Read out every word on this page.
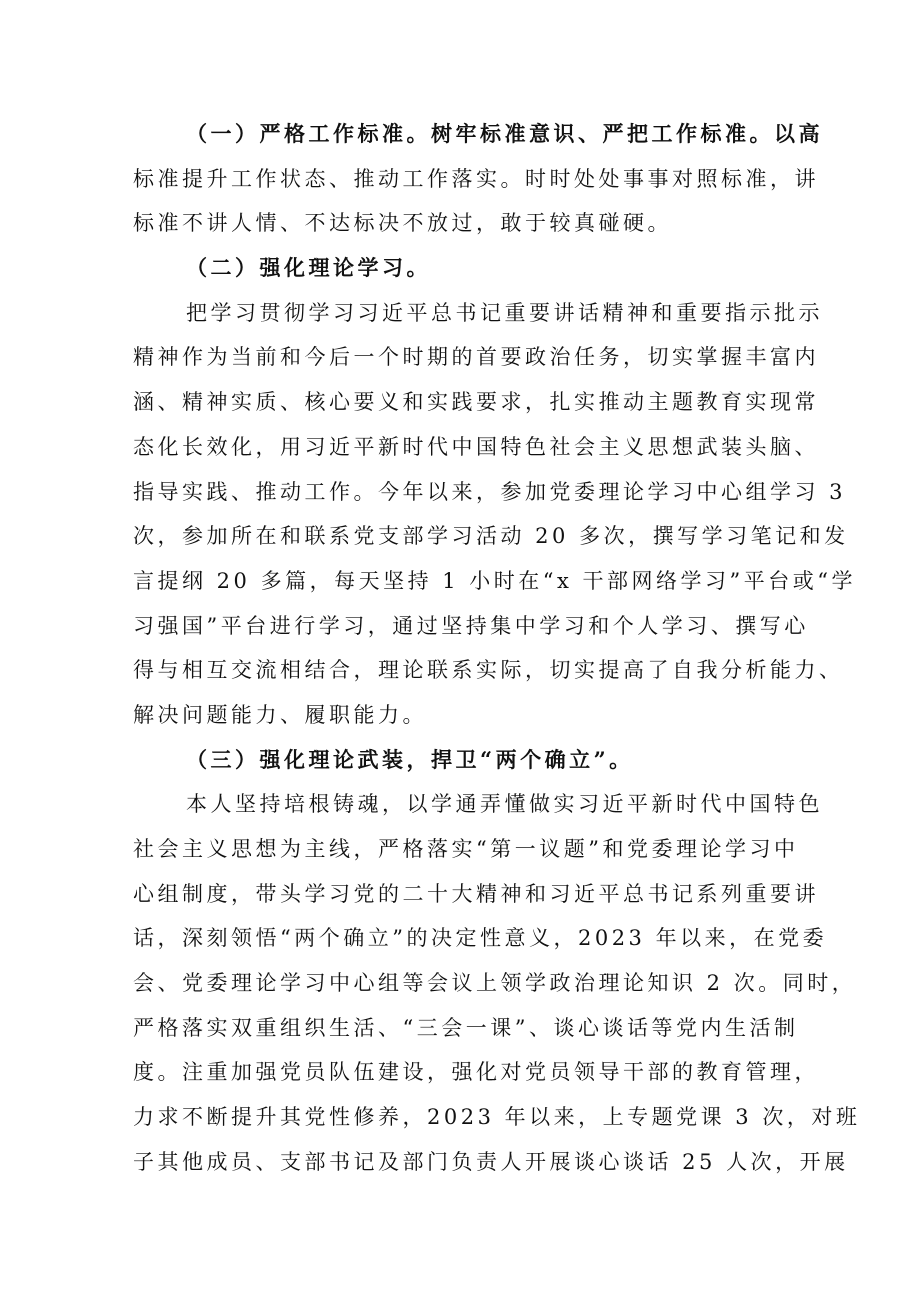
（一）严格工作标准。树牢标准意识、严把工作标准。以高
标准提升工作状态、推动工作落实。时时处处事事对照标准，讲
标准不讲人情、不达标决不放过，敢于较真碰硬。
（二）强化理论学习。
把学习贯彻学习习近平总书记重要讲话精神和重要指示批示
精神作为当前和今后一个时期的首要政治任务，切实掌握丰富内
涵、精神实质、核心要义和实践要求，扎实推动主题教育实现常
态化长效化，用习近平新时代中国特色社会主义思想武装头脑、
指导实践、推动工作。今年以来，参加党委理论学习中心组学习 3
次，参加所在和联系党支部学习活动 20 多次，撰写学习笔记和发
言提纲 20 多篇，每天坚持 1 小时在“x 干部网络学习”平台或“学
习强国”平台进行学习，通过坚持集中学习和个人学习、撰写心
得与相互交流相结合，理论联系实际，切实提高了自我分析能力、
解决问题能力、履职能力。
（三）强化理论武装，捍卫“两个确立”。
本人坚持培根铸魂，以学通弄懂做实习近平新时代中国特色
社会主义思想为主线，严格落实“第一议题”和党委理论学习中
心组制度，带头学习党的二十大精神和习近平总书记系列重要讲
话，深刻领悟“两个确立”的决定性意义，2023 年以来，在党委
会、党委理论学习中心组等会议上领学政治理论知识 2 次。同时，
严格落实双重组织生活、“三会一课”、谈心谈话等党内生活制
度。注重加强党员队伍建设，强化对党员领导干部的教育管理，
力求不断提升其党性修养，2023 年以来，上专题党课 3 次，对班
子其他成员、支部书记及部门负责人开展谈心谈话 25 人次，开展
